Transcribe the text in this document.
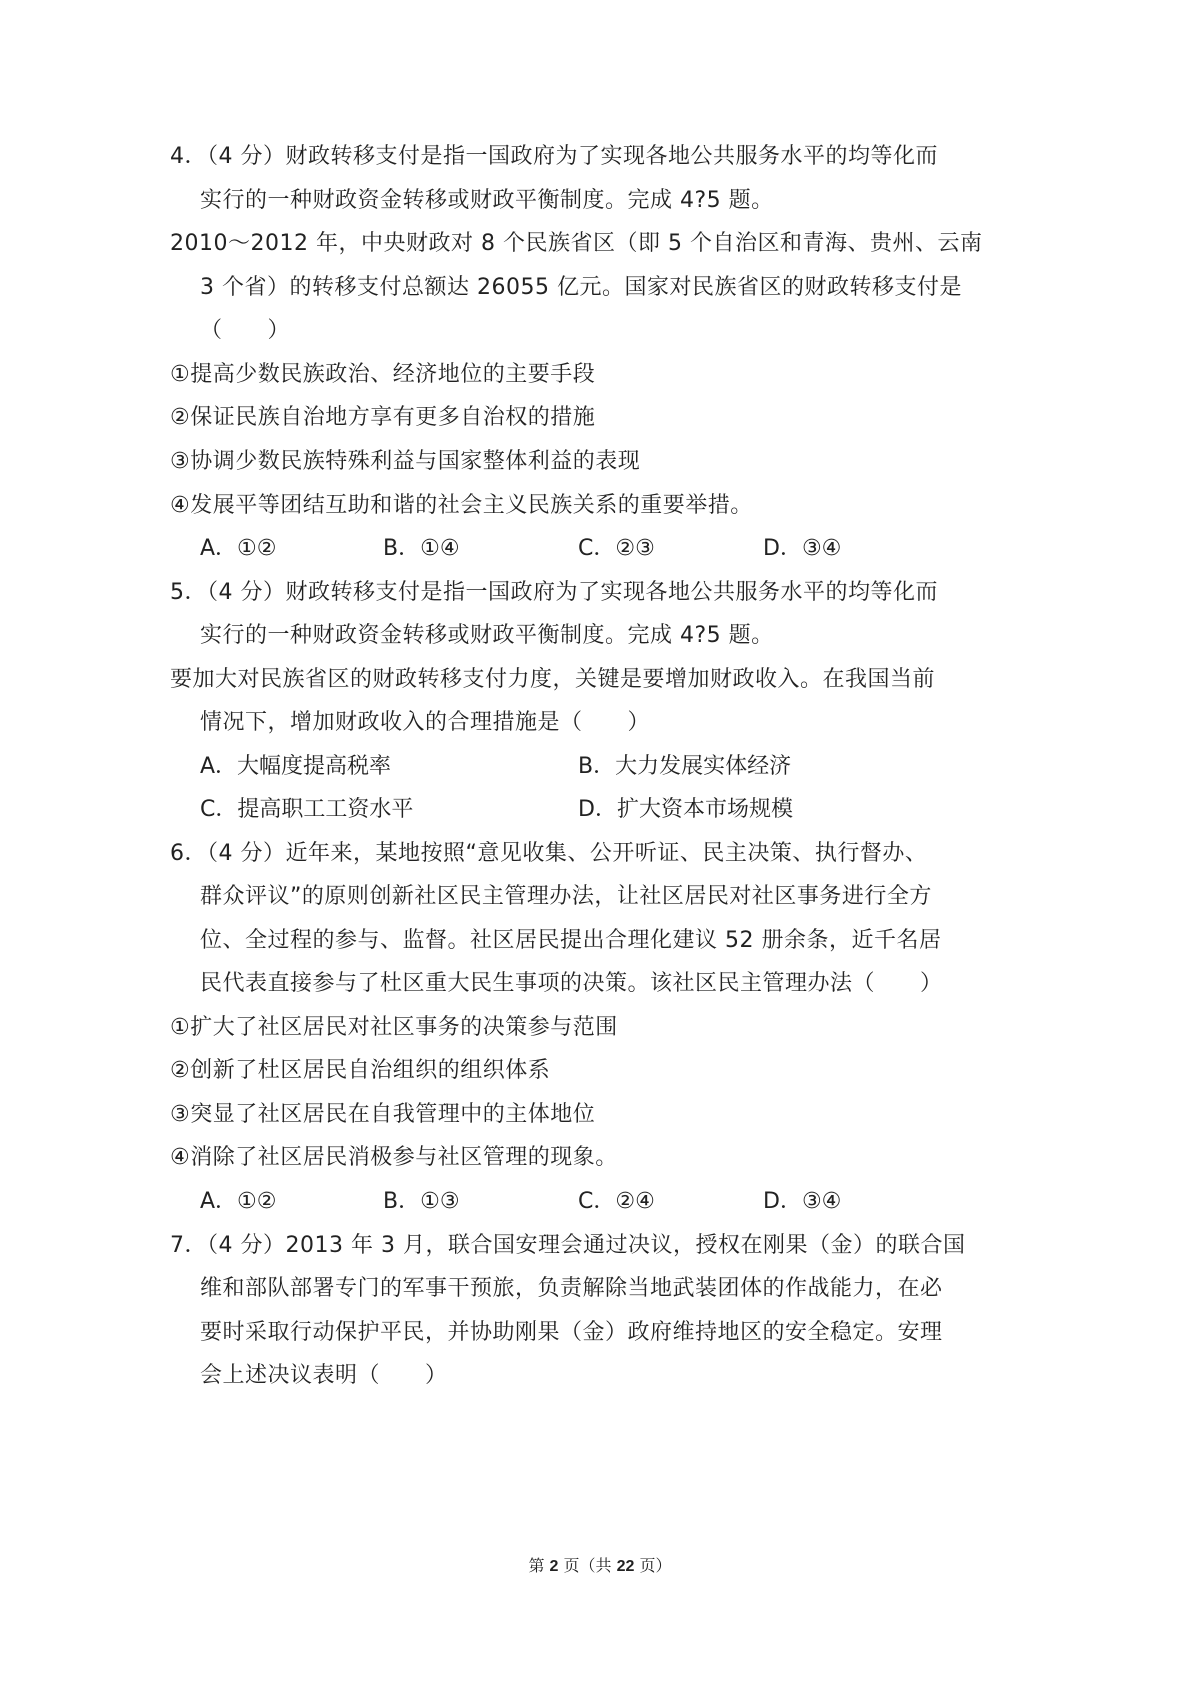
4．（4 分）财政转移支付是指一国政府为了实现各地公共服务水平的均等化而
实行的一种财政资金转移或财政平衡制度。完成 4?5 题。
2010～2012 年，中央财政对 8 个民族省区（即 5 个自治区和青海、贵州、云南
3 个省）的转移支付总额达 26055 亿元。国家对民族省区的财政转移支付是
（　　）
①提高少数民族政治、经济地位的主要手段
②保证民族自治地方享有更多自治权的措施
③协调少数民族特殊利益与国家整体利益的表现
④发展平等团结互助和谐的社会主义民族关系的重要举措。
A．①②	B．①④	C．②③	D．③④
5．（4 分）财政转移支付是指一国政府为了实现各地公共服务水平的均等化而
实行的一种财政资金转移或财政平衡制度。完成 4?5 题。
要加大对民族省区的财政转移支付力度，关键是要增加财政收入。在我国当前
情况下，增加财政收入的合理措施是（　　）
A．大幅度提高税率	B．大力发展实体经济
C．提高职工工资水平	D．扩大资本市场规模
6．（4 分）近年来，某地按照“意见收集、公开听证、民主决策、执行督办、
群众评议”的原则创新社区民主管理办法，让社区居民对社区事务进行全方
位、全过程的参与、监督。社区居民提出合理化建议 52 册余条，近千名居
民代表直接参与了杜区重大民生事项的决策。该社区民主管理办法（　　）
①扩大了社区居民对社区事务的决策参与范围
②创新了杜区居民自治组织的组织体系
③突显了社区居民在自我管理中的主体地位
④消除了社区居民消极参与社区管理的现象。
A．①②	B．①③	C．②④	D．③④
7．（4 分）2013 年 3 月，联合国安理会通过决议，授权在刚果（金）的联合国
维和部队部署专门的军事干预旅，负责解除当地武装团体的作战能力，在必
要时采取行动保护平民，并协助刚果（金）政府维持地区的安全稳定。安理
会上述决议表明（　　）
第 2 页（共 22 页）
